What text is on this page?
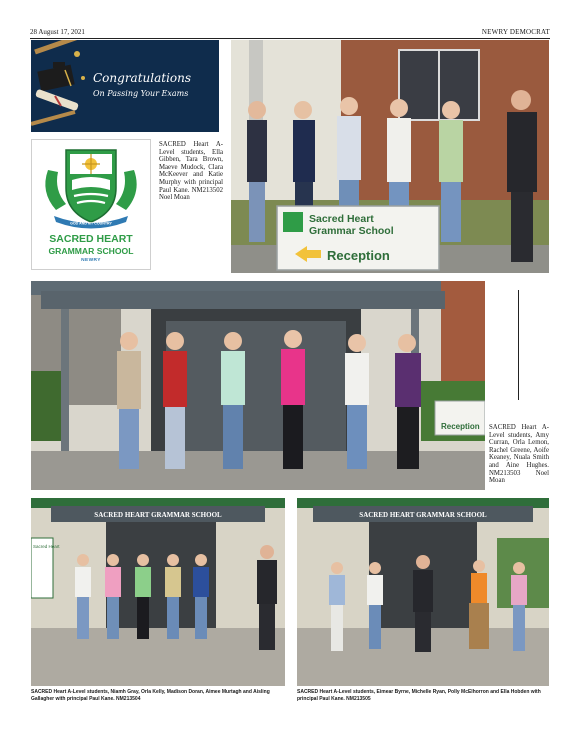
28 August 17, 2021	NEWRY DEMOCRAT
Congratulations
On Passing Your Exams
GOD AND MY COUNTRY
SACRED HEART
GRAMMAR SCHOOL
NEWRY

SACRED Heart A-Level students, Ella Gibben, Tara Brown, Maeve Mudock, Clara McKeever and Katie Murphy with principal Paul Kane. NM213502 Noel Moan

Sacred Heart
Grammar School
Reception
Reception SACRED Heart A-Level students, Amy Curran, Orla Lemon, Rachel Greene, Aoife Keaney, Nuala Smith and Aine Hughes. NM213503 Noel Moan

SACRED HEART GRAMMAR SCHOOL
Sacred Heart
SACRED HEART GRAMMAR SCHOOL

SACRED Heart A-Level students, Niamh Gray, Orla Kelly, Madison Doran, Aimee Murtagh and Aisling Gallagher with principal Paul Kane. NM213504

SACRED Heart A-Level students, Eimear Byrne, Michelle Ryan, Polly McElhorron and Ella Hobden with principal Paul Kane. NM213505
